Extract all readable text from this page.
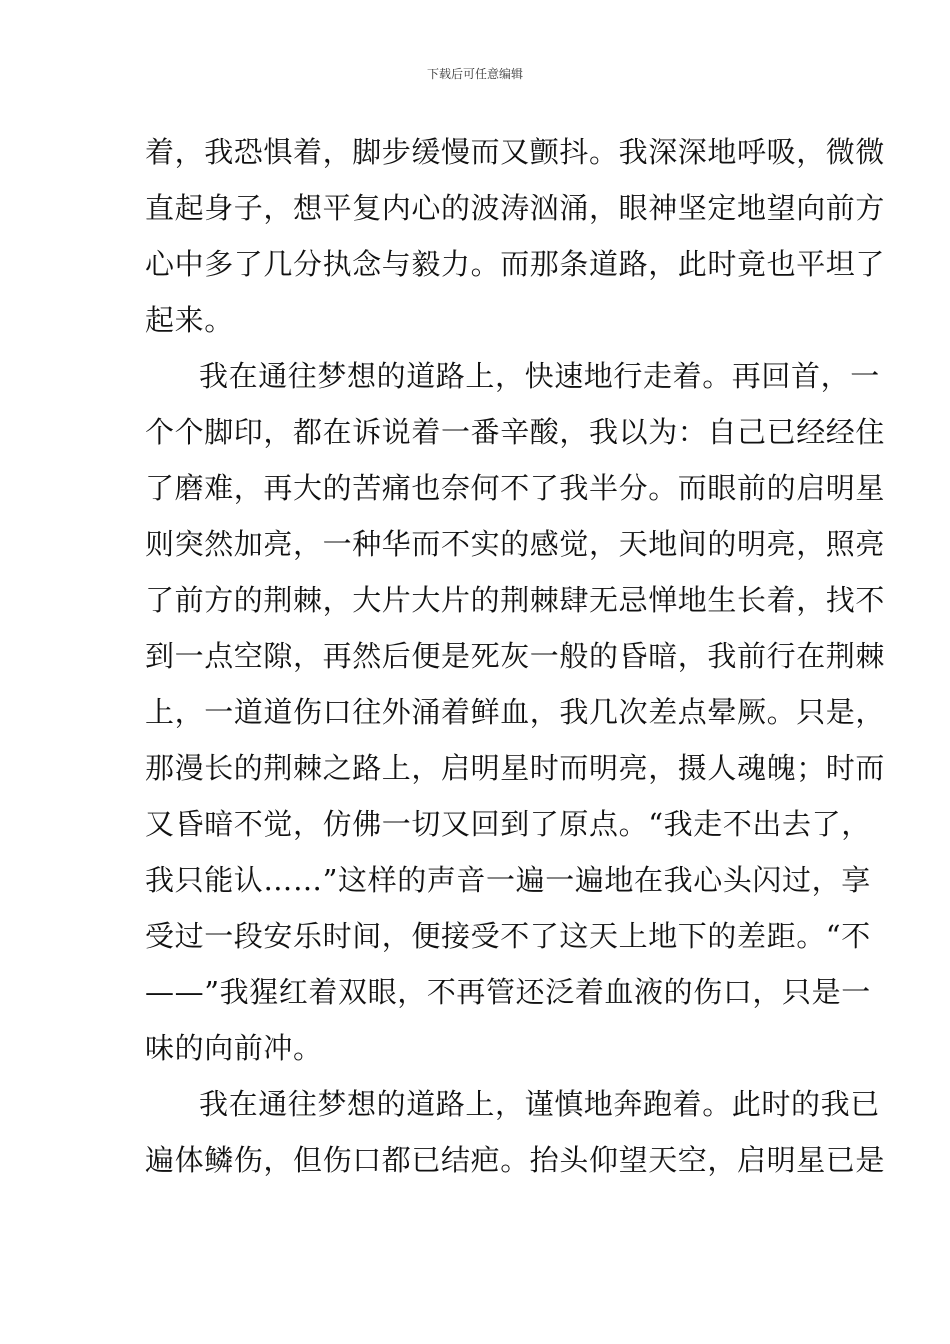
下载后可任意编辑
着，我恐惧着，脚步缓慢而又颤抖。我深深地呼吸，微微
直起身子，想平复内心的波涛汹涌，眼神坚定地望向前方
心中多了几分执念与毅力。而那条道路，此时竟也平坦了
起来。
我在通往梦想的道路上，快速地行走着。再回首，一
个个脚印，都在诉说着一番辛酸，我以为：自己已经经住
了磨难，再大的苦痛也奈何不了我半分。而眼前的启明星
则突然加亮，一种华而不实的感觉，天地间的明亮，照亮
了前方的荆棘，大片大片的荆棘肆无忌惮地生长着，找不
到一点空隙，再然后便是死灰一般的昏暗，我前行在荆棘
上，一道道伤口往外涌着鲜血，我几次差点晕厥。只是，
那漫长的荆棘之路上，启明星时而明亮，摄人魂魄；时而
又昏暗不觉，仿佛一切又回到了原点。“我走不出去了，
我只能认……”这样的声音一遍一遍地在我心头闪过，享
受过一段安乐时间，便接受不了这天上地下的差距。“不
——”我猩红着双眼，不再管还泛着血液的伤口，只是一
味的向前冲。
我在通往梦想的道路上，谨慎地奔跑着。此时的我已
遍体鳞伤，但伤口都已结疤。抬头仰望天空，启明星已是
